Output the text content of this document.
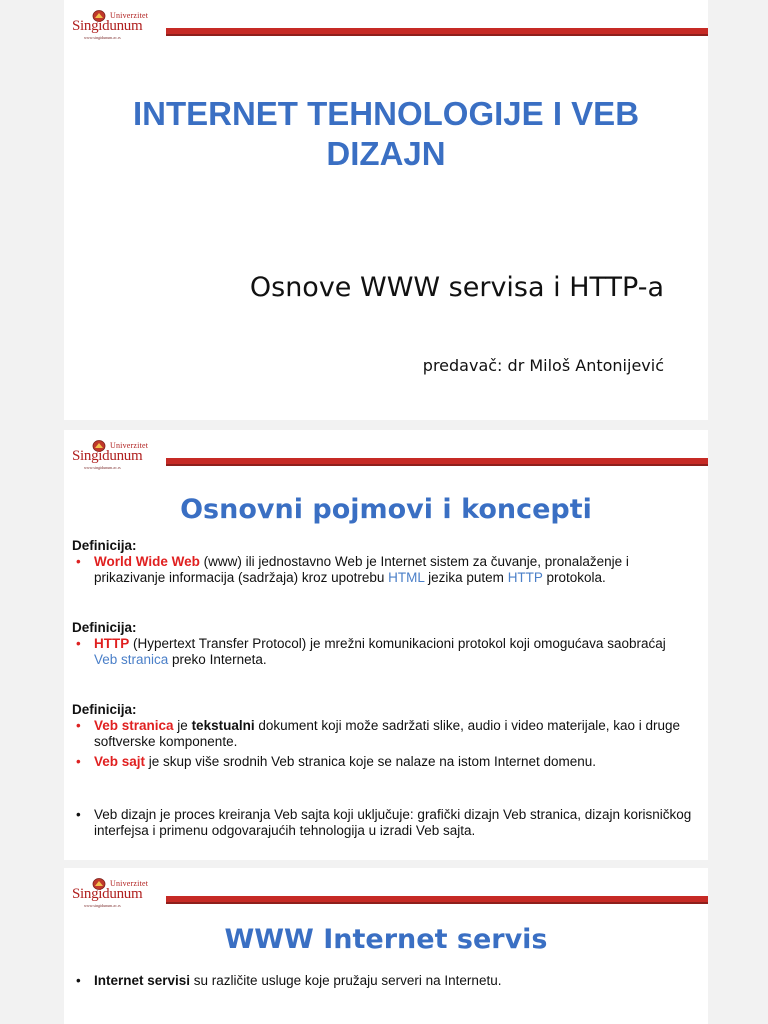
Univerzitet
Singidunum
www.singidunum.ac.rs
INTERNET TEHNOLOGIJE I VEB
DIZAJN
Osnove WWW servisa i HTTP-a
predavač: dr Miloš Antonijević
Univerzitet
Singidunum
www.singidunum.ac.rs
Osnovni pojmovi i koncepti
Definicija:
• World Wide Web (www) ili jednostavno Web je Internet sistem za čuvanje, pronalaženje i prikazivanje informacija (sadržaja) kroz upotrebu HTML jezika putem HTTP protokola.
Definicija:
• HTTP (Hypertext Transfer Protocol) je mrežni komunikacioni protokol koji omogućava saobraćaj Veb stranica preko Interneta.
Definicija:
• Veb stranica je tekstualni dokument koji može sadržati slike, audio i video materijale, kao i druge softverske komponente.
• Veb sajt je skup više srodnih Veb stranica koje se nalaze na istom Internet domenu.
• Veb dizajn je proces kreiranja Veb sajta koji uključuje: grafički dizajn Veb stranica, dizajn korisničkog interfejsa i primenu odgovarajućih tehnologija u izradi Veb sajta.
Univerzitet
Singidunum
www.singidunum.ac.rs
WWW Internet servis
• Internet servisi su različite usluge koje pružaju serveri na Internetu.
